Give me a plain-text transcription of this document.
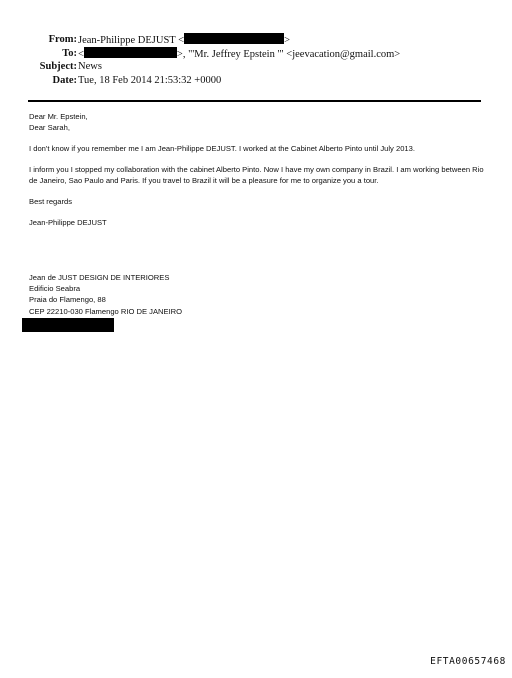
From: Jean-Philippe DEJUST <	>
To: <	>, "'Mr. Jeffrey Epstein '" <jeevacation@gmail.com>
Subject: News
Date: Tue, 18 Feb 2014 21:53:32 +0000

Dear Mr. Epstein,
Dear Sarah,

I don't know if you remember me I am Jean-Philippe DEJUST. I worked at the Cabinet Alberto Pinto until July 2013.

I inform you I stopped my collaboration with the cabinet Alberto Pinto. Now I have my own company in Brazil. I am working between Rio de Janeiro, Sao Paulo and Paris. If you travel to Brazil it will be a pleasure for me to organize you a tour.

Best regards

Jean-Philippe DEJUST

Jean de JUST DESIGN DE INTERIORES
Edificio Seabra
Praia do Flamengo, 88
CEP 22210-030 Flamengo RIO DE JANEIRO
EFTA00657468
